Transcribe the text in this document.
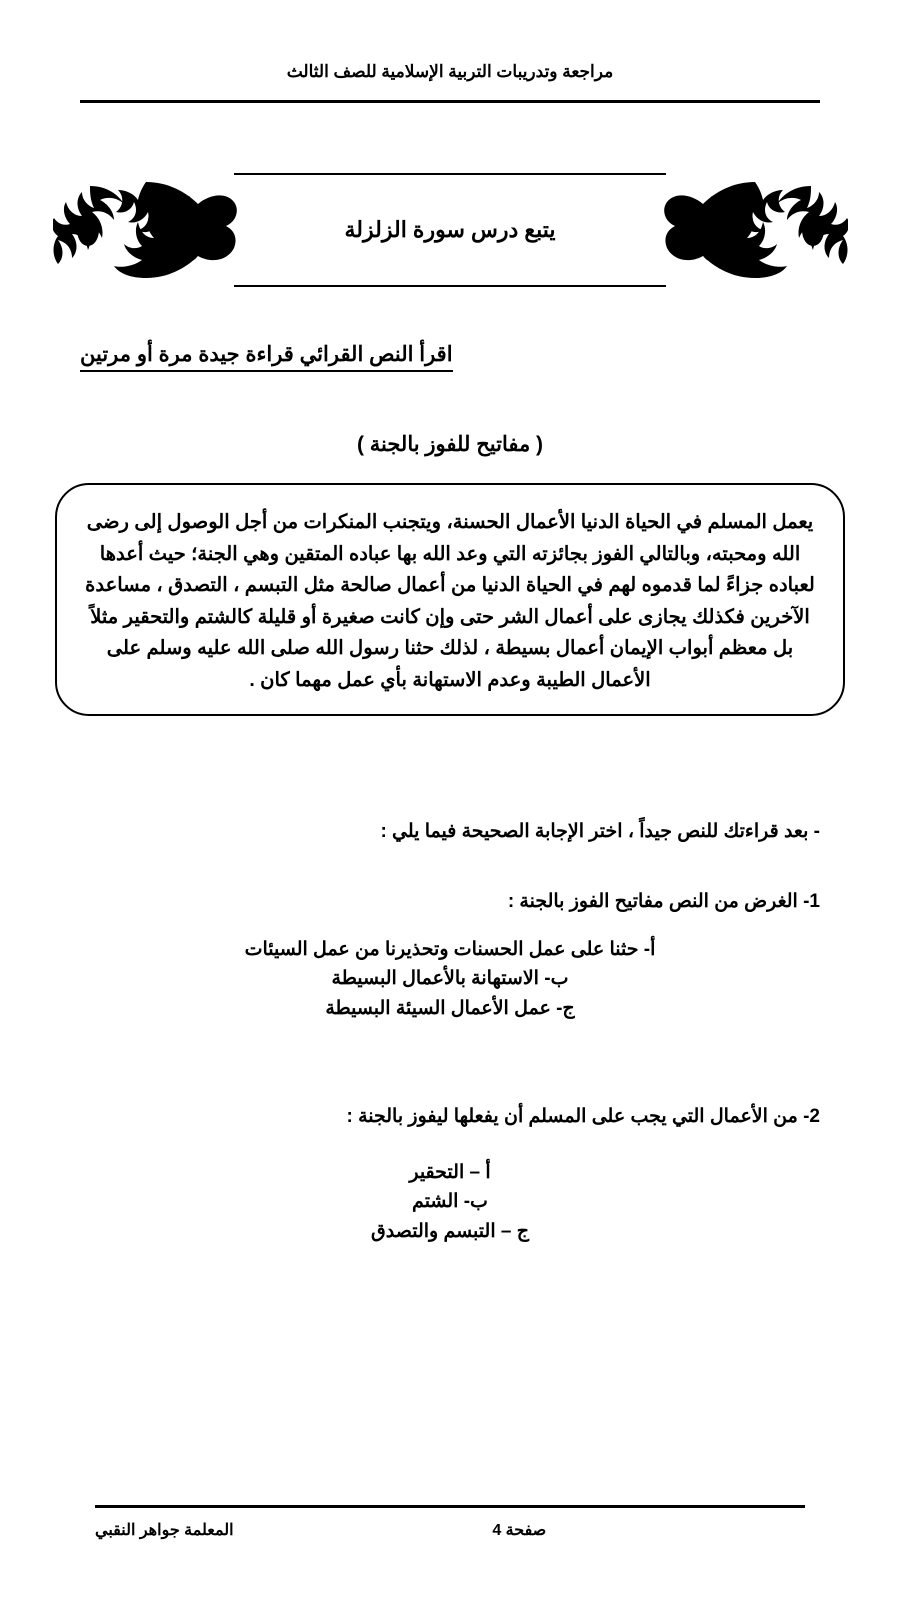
مراجعة وتدريبات التربية الإسلامية للصف الثالث
يتبع درس سورة الزلزلة
اقرأ النص القرائي قراءة جيدة مرة أو مرتين
( مفاتيح للفوز بالجنة )

يعمل المسلم في الحياة الدنيا الأعمال الحسنة، ويتجنب المنكرات من أجل الوصول إلى رضى الله ومحبته، وبالتالي الفوز بجائزته التي وعد الله بها عباده المتقين وهي الجنة؛ حيث أعدها لعباده جزاءً لما قدموه لهم في الحياة الدنيا من أعمال صالحة مثل التبسم ، التصدق ، مساعدة الآخرين فكذلك يجازى على أعمال الشر حتى وإن كانت صغيرة أو قليلة كالشتم والتحقير مثلاً بل معظم أبواب الإيمان أعمال بسيطة ، لذلك حثنا رسول الله صلى الله عليه وسلم على الأعمال الطيبة وعدم الاستهانة بأي عمل مهما كان .

- بعد قراءتك للنص جيداً ، اختر الإجابة الصحيحة فيما يلي :
1- الغرض من النص مفاتيح الفوز بالجنة :
أ- حثنا على عمل الحسنات وتحذيرنا من عمل السيئات
ب- الاستهانة بالأعمال البسيطة
ج- عمل الأعمال السيئة البسيطة
2- من الأعمال التي يجب على المسلم أن يفعلها ليفوز بالجنة :
أ – التحقير
ب- الشتم
ج – التبسم والتصدق
صفحة 4
المعلمة جواهر النقبي
